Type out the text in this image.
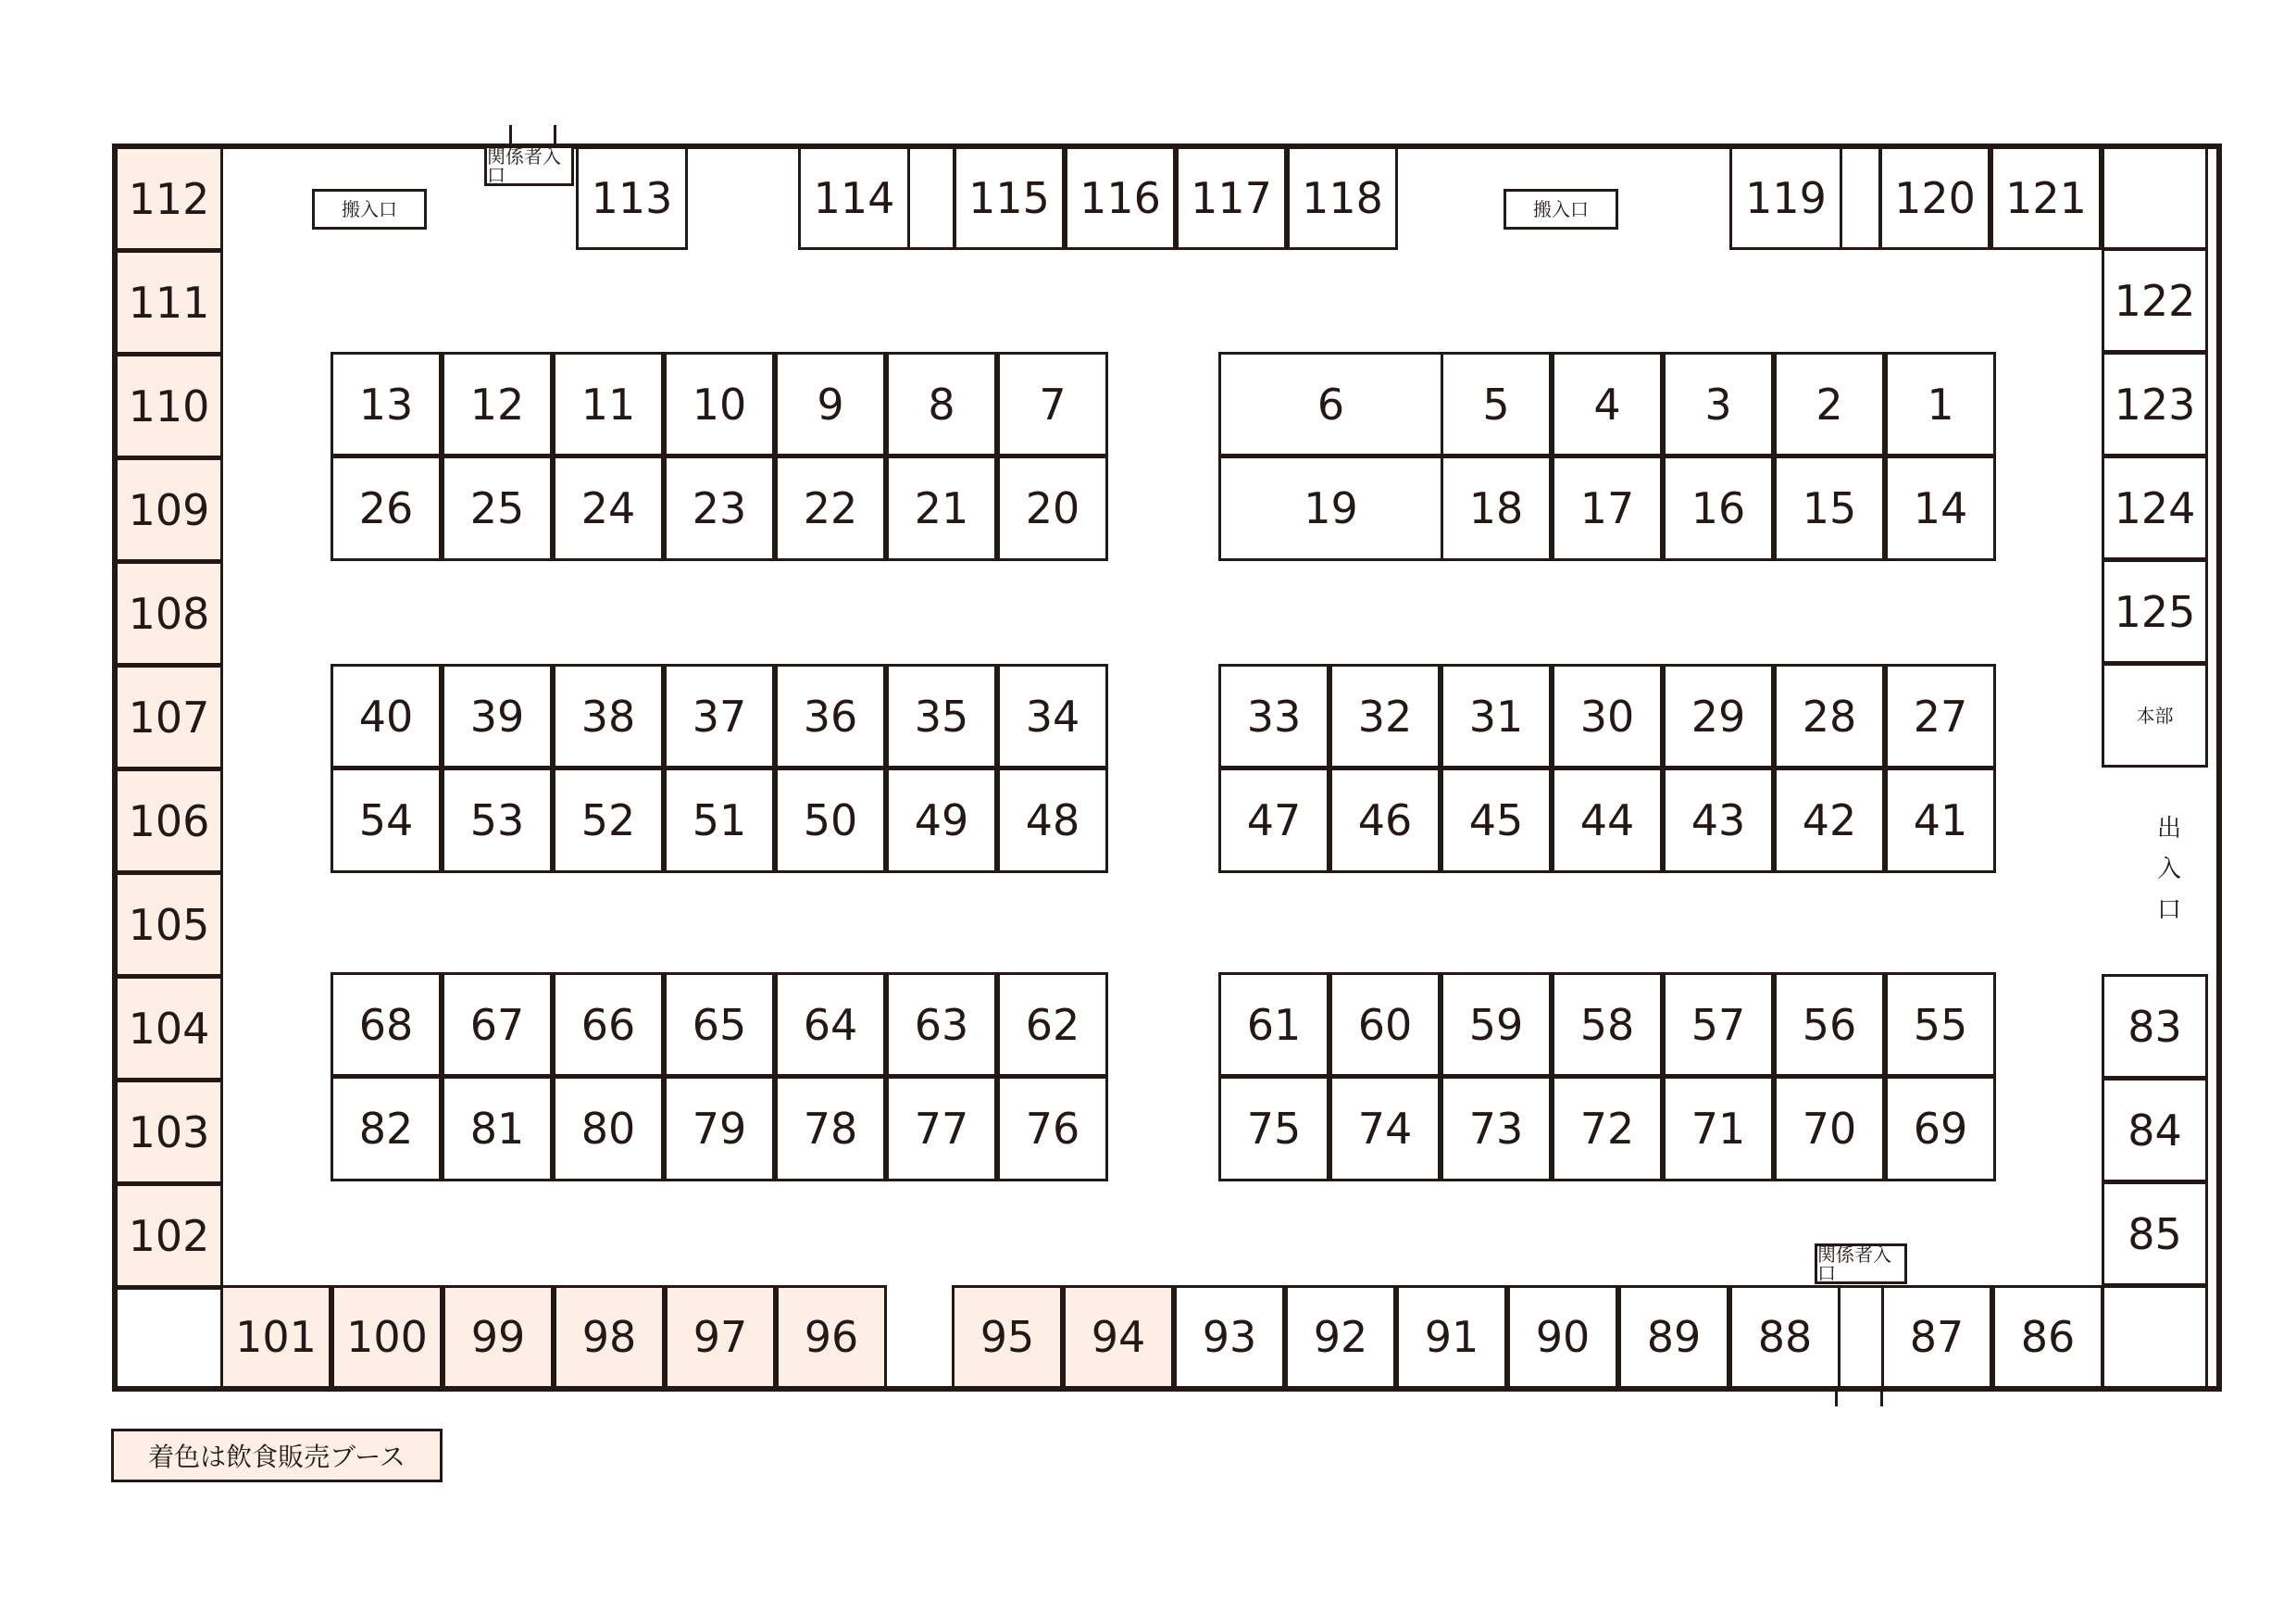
112
111
110
109
108
107
106
105
104
103
102
113	114	115 116 117 118	119	120 121
122
123
124
125
本部
83
84
85
101 100	99	98	97	96	95	94	93	92	91	90	89	88	87	86
13	12	11	10	9	8	7
26	25	24	23	22	21	20
6	5	4	3	2	1
19	18	17	16	15	14
40	39	38	37	36	35	34
54	53	52	51	50	49	48
33	32	31	30	29	28	27
47	46	45	44	43	42	41
68	67	66	65	64	63	62
82	81	80	79	78	77	76
61	60	59	58	57	56	55
75	74	73	72	71	70	69
搬入口	搬入口
関係者入口
関係者入口
出
入
口
着色は飲食販売ブース
